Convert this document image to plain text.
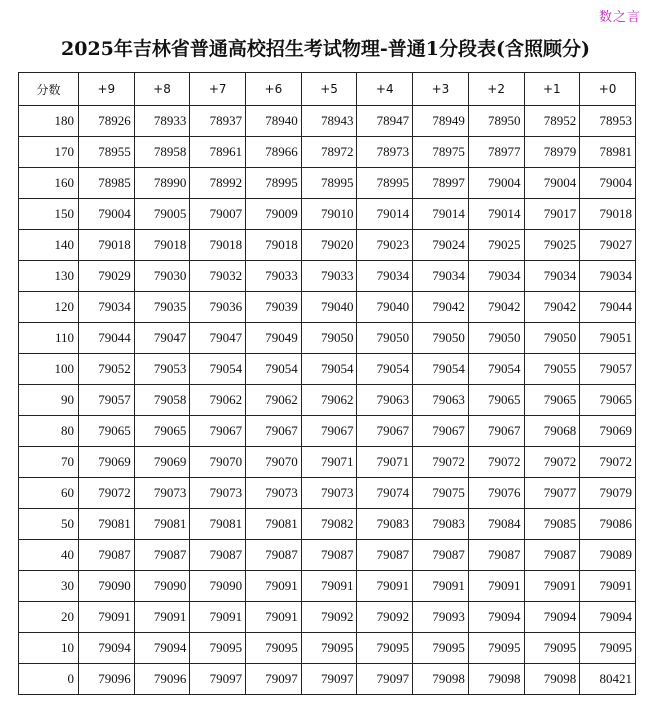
数之言
2025年吉林省普通高校招生考试物理-普通1分段表(含照顾分)
分数	+9	+8	+7	+6	+5	+4	+3	+2	+1	+0
180	78926	78933	78937	78940	78943	78947	78949	78950	78952	78953
170	78955	78958	78961	78966	78972	78973	78975	78977	78979	78981
160	78985	78990	78992	78995	78995	78995	78997	79004	79004	79004
150	79004	79005	79007	79009	79010	79014	79014	79014	79017	79018
140	79018	79018	79018	79018	79020	79023	79024	79025	79025	79027
130	79029	79030	79032	79033	79033	79034	79034	79034	79034	79034
120	79034	79035	79036	79039	79040	79040	79042	79042	79042	79044
110	79044	79047	79047	79049	79050	79050	79050	79050	79050	79051
100	79052	79053	79054	79054	79054	79054	79054	79054	79055	79057
90	79057	79058	79062	79062	79062	79063	79063	79065	79065	79065
80	79065	79065	79067	79067	79067	79067	79067	79067	79068	79069
70	79069	79069	79070	79070	79071	79071	79072	79072	79072	79072
60	79072	79073	79073	79073	79073	79074	79075	79076	79077	79079
50	79081	79081	79081	79081	79082	79083	79083	79084	79085	79086
40	79087	79087	79087	79087	79087	79087	79087	79087	79087	79089
30	79090	79090	79090	79091	79091	79091	79091	79091	79091	79091
20	79091	79091	79091	79091	79092	79092	79093	79094	79094	79094
10	79094	79094	79095	79095	79095	79095	79095	79095	79095	79095
0	79096	79096	79097	79097	79097	79097	79098	79098	79098	80421
